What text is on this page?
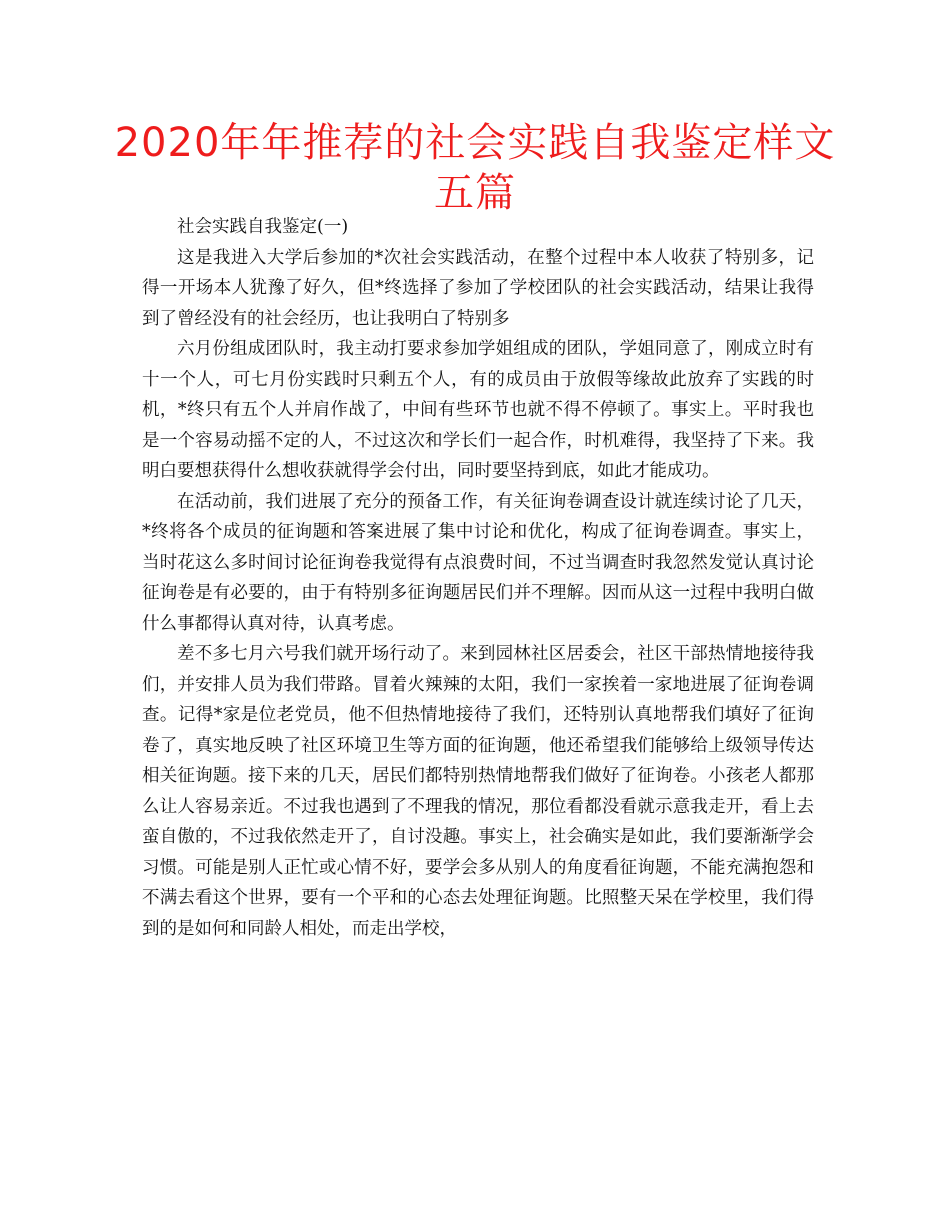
2020年年推荐的社会实践自我鉴定样文五篇

社会实践自我鉴定(一)

这是我进入大学后参加的*次社会实践活动，在整个过程中本人收获了特别多，记得一开场本人犹豫了好久，但*终选择了参加了学校团队的社会实践活动，结果让我得到了曾经没有的社会经历，也让我明白了特别多

六月份组成团队时，我主动打要求参加学姐组成的团队，学姐同意了，刚成立时有十一个人，可七月份实践时只剩五个人，有的成员由于放假等缘故此放弃了实践的时机，*终只有五个人并肩作战了，中间有些环节也就不得不停顿了。事实上。平时我也是一个容易动摇不定的人，不过这次和学长们一起合作，时机难得，我坚持了下来。我明白要想获得什么想收获就得学会付出，同时要坚持到底，如此才能成功。

在活动前，我们进展了充分的预备工作，有关征询卷调查设计就连续讨论了几天，*终将各个成员的征询题和答案进展了集中讨论和优化，构成了征询卷调查。事实上，当时花这么多时间讨论征询卷我觉得有点浪费时间，不过当调查时我忽然发觉认真讨论征询卷是有必要的，由于有特别多征询题居民们并不理解。因而从这一过程中我明白做什么事都得认真对待，认真考虑。

差不多七月六号我们就开场行动了。来到园林社区居委会，社区干部热情地接待我们，并安排人员为我们带路。冒着火辣辣的太阳，我们一家挨着一家地进展了征询卷调查。记得*家是位老党员，他不但热情地接待了我们，还特别认真地帮我们填好了征询卷了，真实地反映了社区环境卫生等方面的征询题，他还希望我们能够给上级领导传达相关征询题。接下来的几天，居民们都特别热情地帮我们做好了征询卷。小孩老人都那么让人容易亲近。不过我也遇到了不理我的情况，那位看都没看就示意我走开，看上去蛮自傲的，不过我依然走开了，自讨没趣。事实上，社会确实是如此，我们要渐渐学会习惯。可能是别人正忙或心情不好，要学会多从别人的角度看征询题，不能充满抱怨和不满去看这个世界，要有一个平和的心态去处理征询题。比照整天呆在学校里，我们得到的是如何和同龄人相处，而走出学校，
